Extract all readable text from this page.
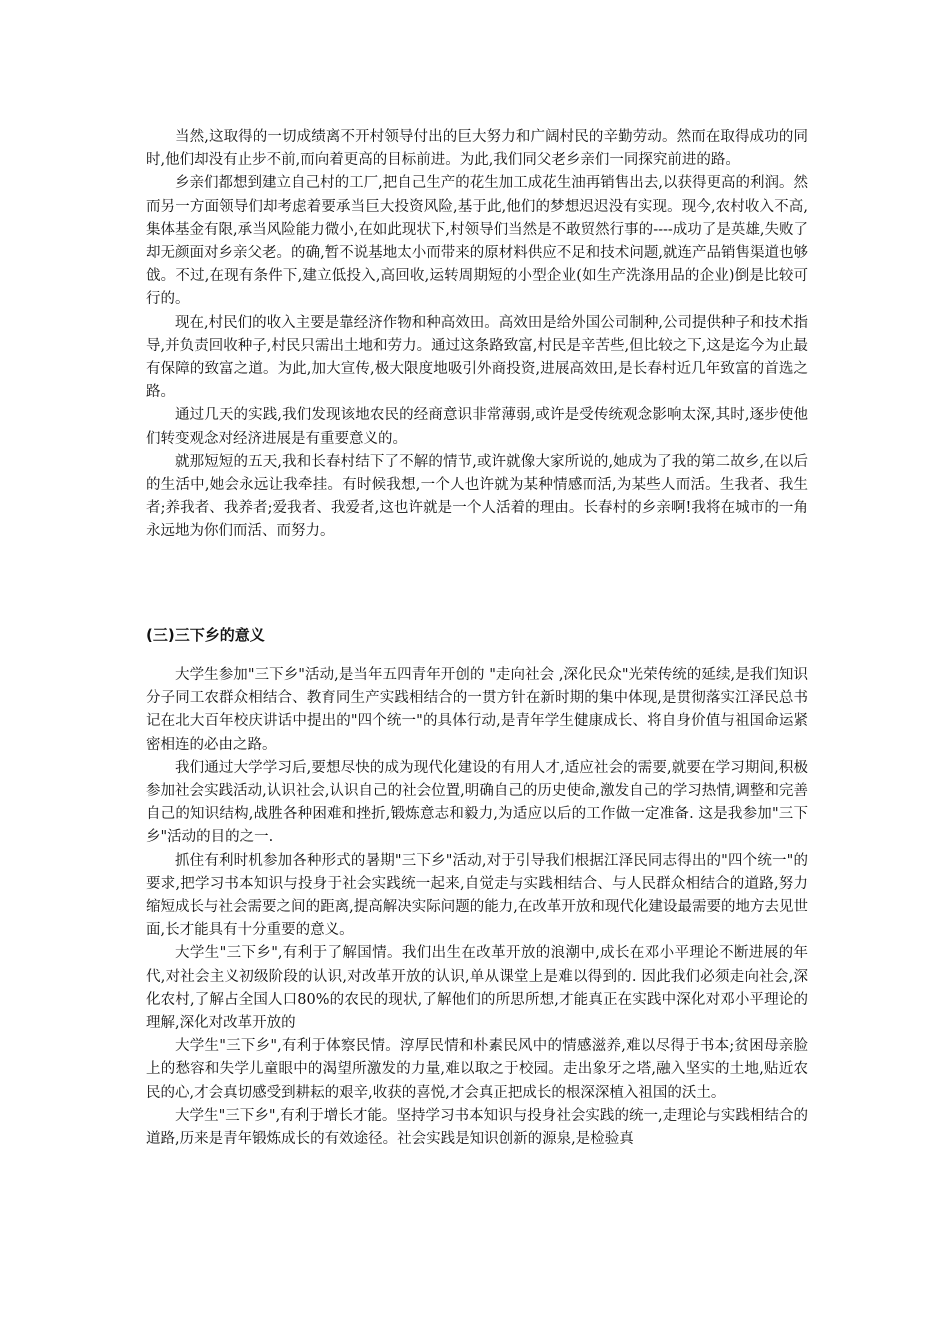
当然,这取得的一切成绩离不开村领导付出的巨大努力和广阔村民的辛勤劳动。然而在取得成功的同时,他们却没有止步不前,而向着更高的目标前进。为此,我们同父老乡亲们一同探究前进的路。

乡亲们都想到建立自己村的工厂,把自己生产的花生加工成花生油再销售出去,以获得更高的利润。然而另一方面领导们却考虑着要承当巨大投资风险,基于此,他们的梦想迟迟没有实现。现今,农村收入不高,集体基金有限,承当风险能力微小,在如此现状下,村领导们当然是不敢贸然行事的----成功了是英雄,失败了却无颜面对乡亲父老。的确,暂不说基地太小而带来的原材料供应不足和技术问题,就连产品销售渠道也够戗。不过,在现有条件下,建立低投入,高回收,运转周期短的小型企业(如生产洗涤用品的企业)倒是比较可行的。

现在,村民们的收入主要是靠经济作物和种高效田。高效田是给外国公司制种,公司提供种子和技术指导,并负责回收种子,村民只需出土地和劳力。通过这条路致富,村民是辛苦些,但比较之下,这是迄今为止最有保障的致富之道。为此,加大宣传,极大限度地吸引外商投资,进展高效田,是长春村近几年致富的首选之路。

通过几天的实践,我们发现该地农民的经商意识非常薄弱,或许是受传统观念影响太深,其时,逐步使他们转变观念对经济进展是有重要意义的。

就那短短的五天,我和长春村结下了不解的情节,或许就像大家所说的,她成为了我的第二故乡,在以后的生活中,她会永远让我牵挂。有时候我想,一个人也许就为某种情感而活,为某些人而活。生我者、我生者;养我者、我养者;爱我者、我爱者,这也许就是一个人活着的理由。长春村的乡亲啊!我将在城市的一角永远地为你们而活、而努力。

(三)三下乡的意义

大学生参加"三下乡"活动,是当年五四青年开创的 "走向社会 ,深化民众"光荣传统的延续,是我们知识分子同工农群众相结合、教育同生产实践相结合的一贯方针在新时期的集中体现,是贯彻落实江泽民总书记在北大百年校庆讲话中提出的"四个统一"的具体行动,是青年学生健康成长、将自身价值与祖国命运紧密相连的必由之路。

我们通过大学学习后,要想尽快的成为现代化建设的有用人才,适应社会的需要,就要在学习期间,积极参加社会实践活动,认识社会,认识自己的社会位置,明确自己的历史使命,激发自己的学习热情,调整和完善自己的知识结构,战胜各种困难和挫折,锻炼意志和毅力,为适应以后的工作做一定准备. 这是我参加"三下乡"活动的目的之一.

抓住有利时机参加各种形式的暑期"三下乡"活动,对于引导我们根据江泽民同志得出的"四个统一"的要求,把学习书本知识与投身于社会实践统一起来,自觉走与实践相结合、与人民群众相结合的道路,努力缩短成长与社会需要之间的距离,提高解决实际问题的能力,在改革开放和现代化建设最需要的地方去见世面,长才能具有十分重要的意义。

大学生"三下乡",有利于了解国情。我们出生在改革开放的浪潮中,成长在邓小平理论不断进展的年代,对社会主义初级阶段的认识,对改革开放的认识,单从课堂上是难以得到的. 因此我们必须走向社会,深化农村,了解占全国人口80%的农民的现状,了解他们的所思所想,才能真正在实践中深化对邓小平理论的理解,深化对改革开放的

大学生"三下乡",有利于体察民情。淳厚民情和朴素民风中的情感滋养,难以尽得于书本;贫困母亲脸上的愁容和失学儿童眼中的渴望所激发的力量,难以取之于校园。走出象牙之塔,融入坚实的土地,贴近农民的心,才会真切感受到耕耘的艰辛,收获的喜悦,才会真正把成长的根深深植入祖国的沃土。

大学生"三下乡",有利于增长才能。坚持学习书本知识与投身社会实践的统一,走理论与实践相结合的道路,历来是青年锻炼成长的有效途径。社会实践是知识创新的源泉,是检验真
